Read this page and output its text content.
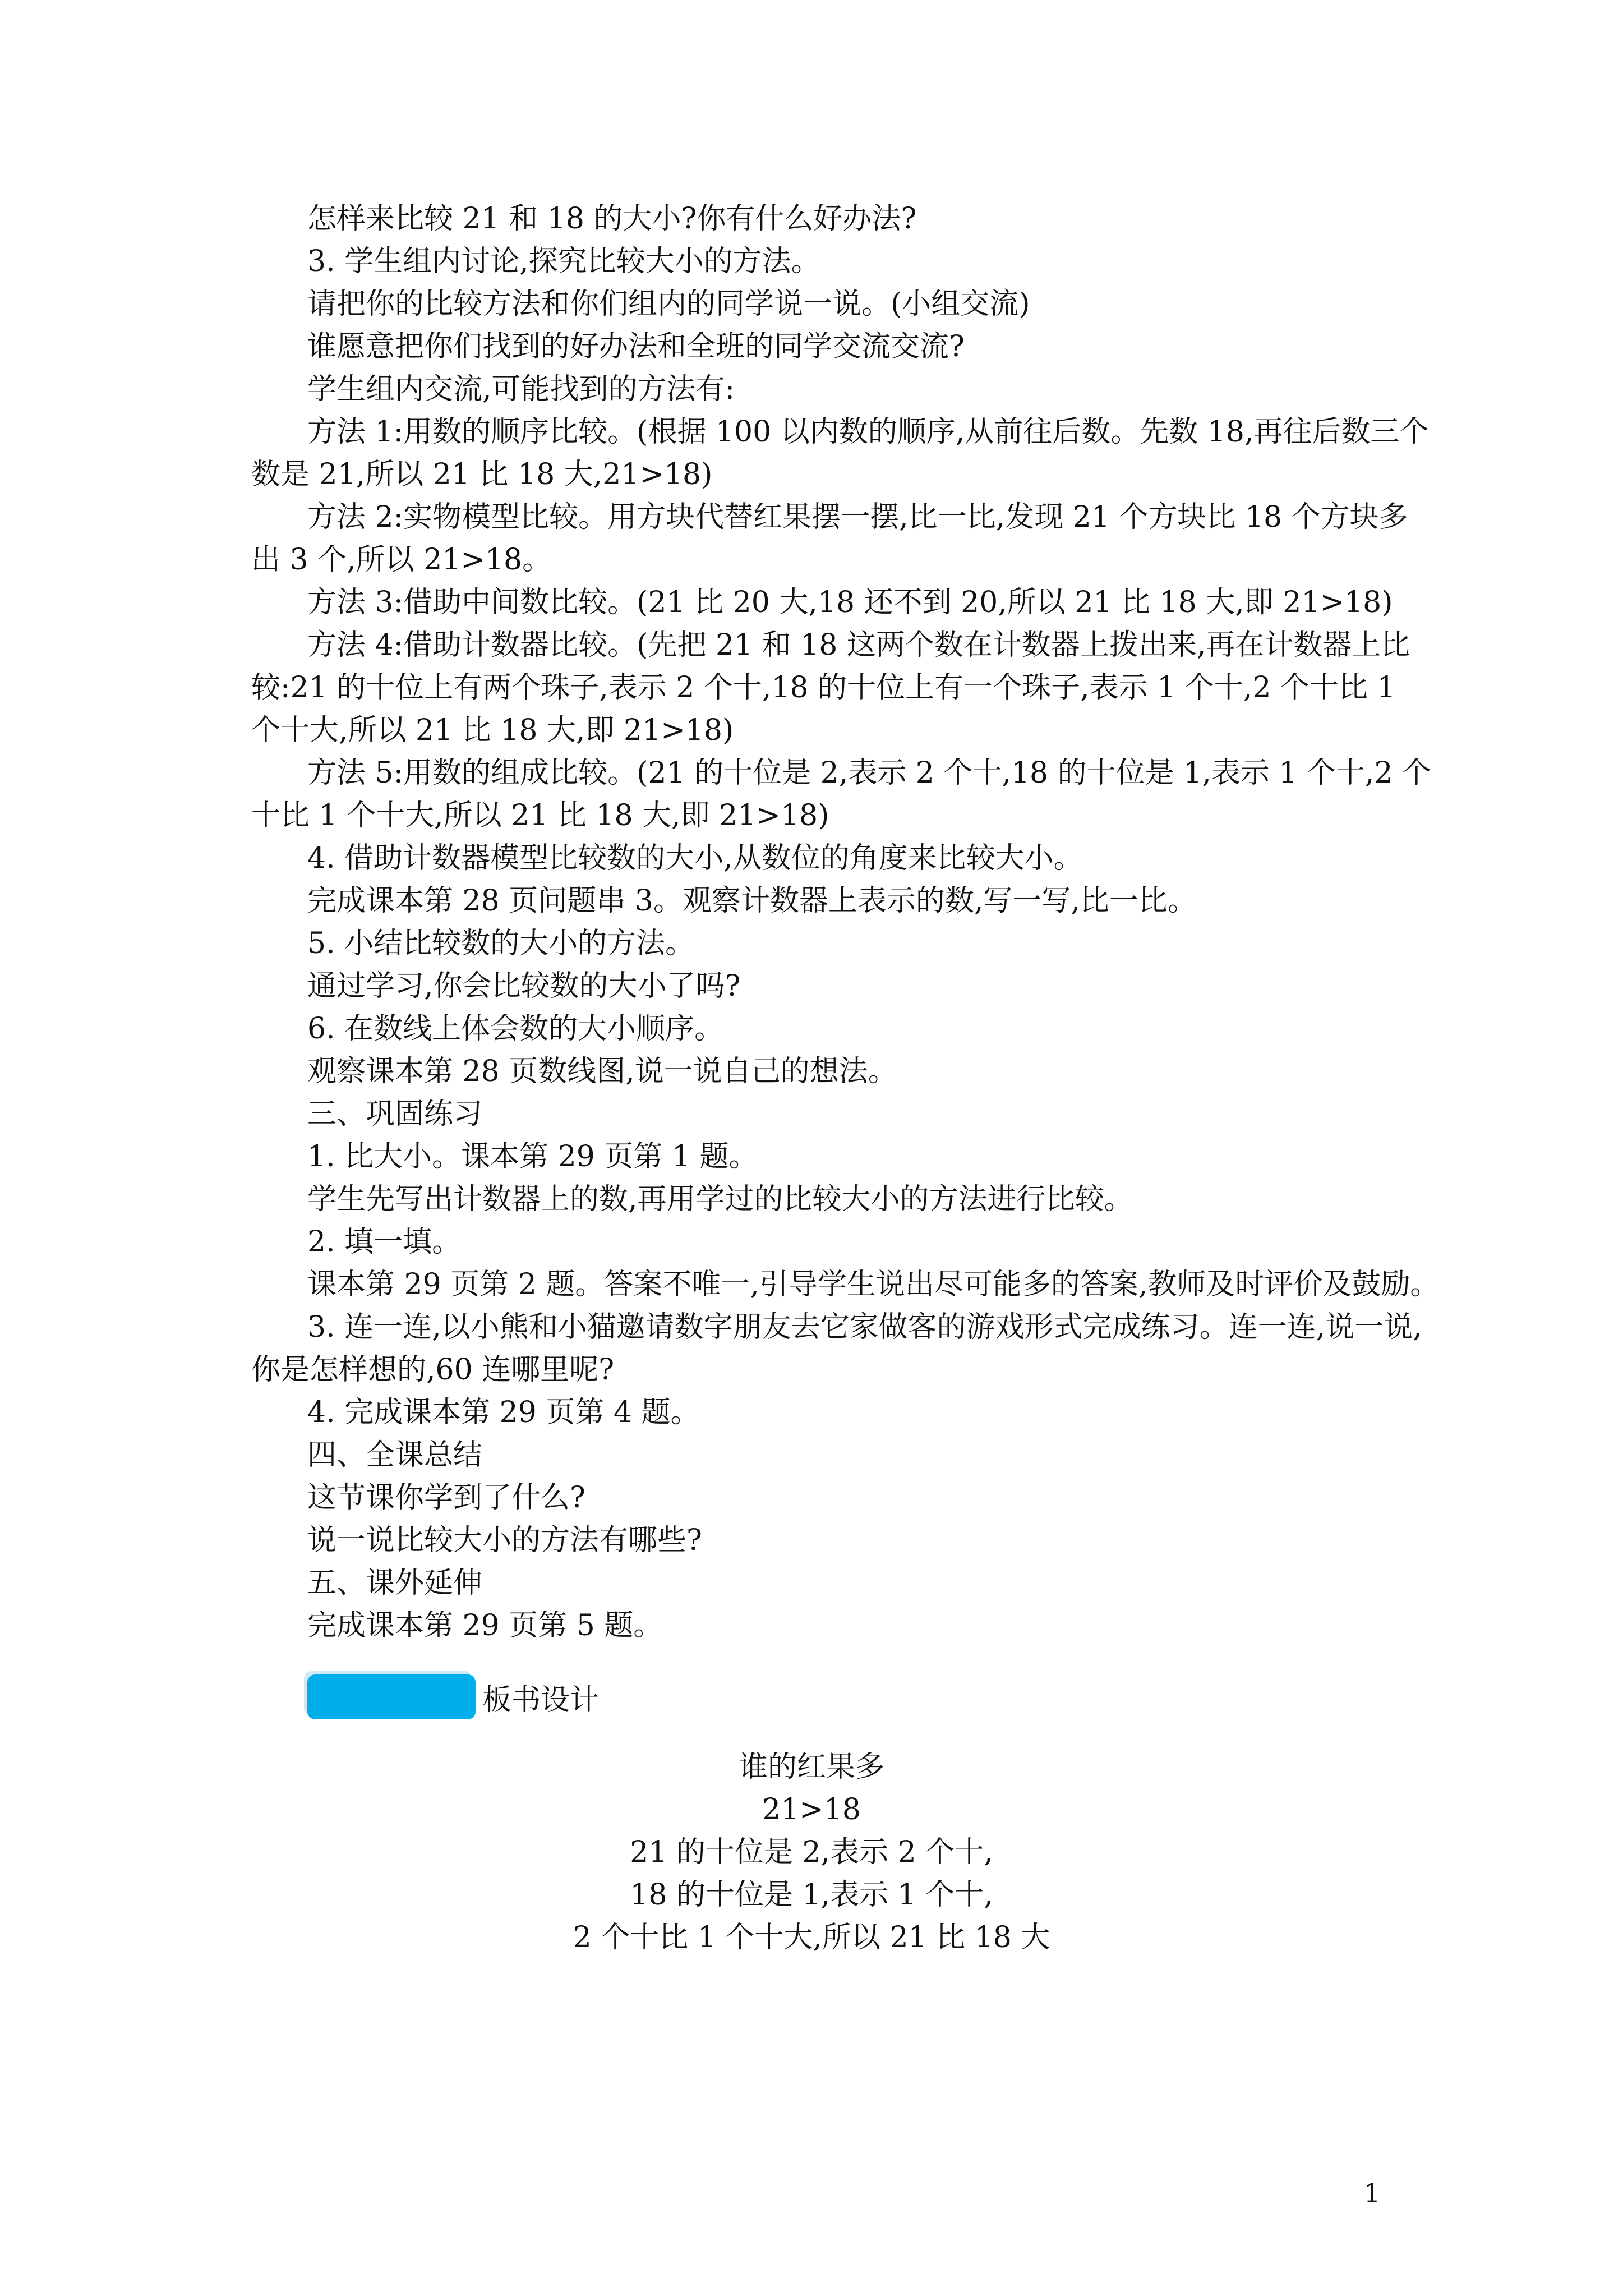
怎样来比较 21 和 18 的大小?你有什么好办法?

3. 学生组内讨论,探究比较大小的方法。

请把你的比较方法和你们组内的同学说一说。(小组交流)

谁愿意把你们找到的好办法和全班的同学交流交流?

学生组内交流,可能找到的方法有:

方法 1:用数的顺序比较。(根据 100 以内数的顺序,从前往后数。先数 18,再往后数三个

数是 21,所以 21 比 18 大,21>18)

方法 2:实物模型比较。用方块代替红果摆一摆,比一比,发现 21 个方块比 18 个方块多

出 3 个,所以 21>18。

方法 3:借助中间数比较。(21 比 20 大,18 还不到 20,所以 21 比 18 大,即 21>18)

方法 4:借助计数器比较。(先把 21 和 18 这两个数在计数器上拨出来,再在计数器上比

较:21 的十位上有两个珠子,表示 2 个十,18 的十位上有一个珠子,表示 1 个十,2 个十比 1

个十大,所以 21 比 18 大,即 21>18)

方法 5:用数的组成比较。(21 的十位是 2,表示 2 个十,18 的十位是 1,表示 1 个十,2 个

十比 1 个十大,所以 21 比 18 大,即 21>18)

4. 借助计数器模型比较数的大小,从数位的角度来比较大小。

完成课本第 28 页问题串 3。观察计数器上表示的数,写一写,比一比。

5. 小结比较数的大小的方法。

通过学习,你会比较数的大小了吗?

6. 在数线上体会数的大小顺序。

观察课本第 28 页数线图,说一说自己的想法。

三、巩固练习

1. 比大小。课本第 29 页第 1 题。

学生先写出计数器上的数,再用学过的比较大小的方法进行比较。

2. 填一填。

课本第 29 页第 2 题。答案不唯一,引导学生说出尽可能多的答案,教师及时评价及鼓励。

3. 连一连,以小熊和小猫邀请数字朋友去它家做客的游戏形式完成练习。连一连,说一说,

你是怎样想的,60 连哪里呢?

4. 完成课本第 29 页第 4 题。

四、全课总结

这节课你学到了什么?

说一说比较大小的方法有哪些?

五、课外延伸

完成课本第 29 页第 5 题。

板书设计

谁的红果多

21>18

21 的十位是 2,表示 2 个十,

18 的十位是 1,表示 1 个十,

2 个十比 1 个十大,所以 21 比 18 大

1
